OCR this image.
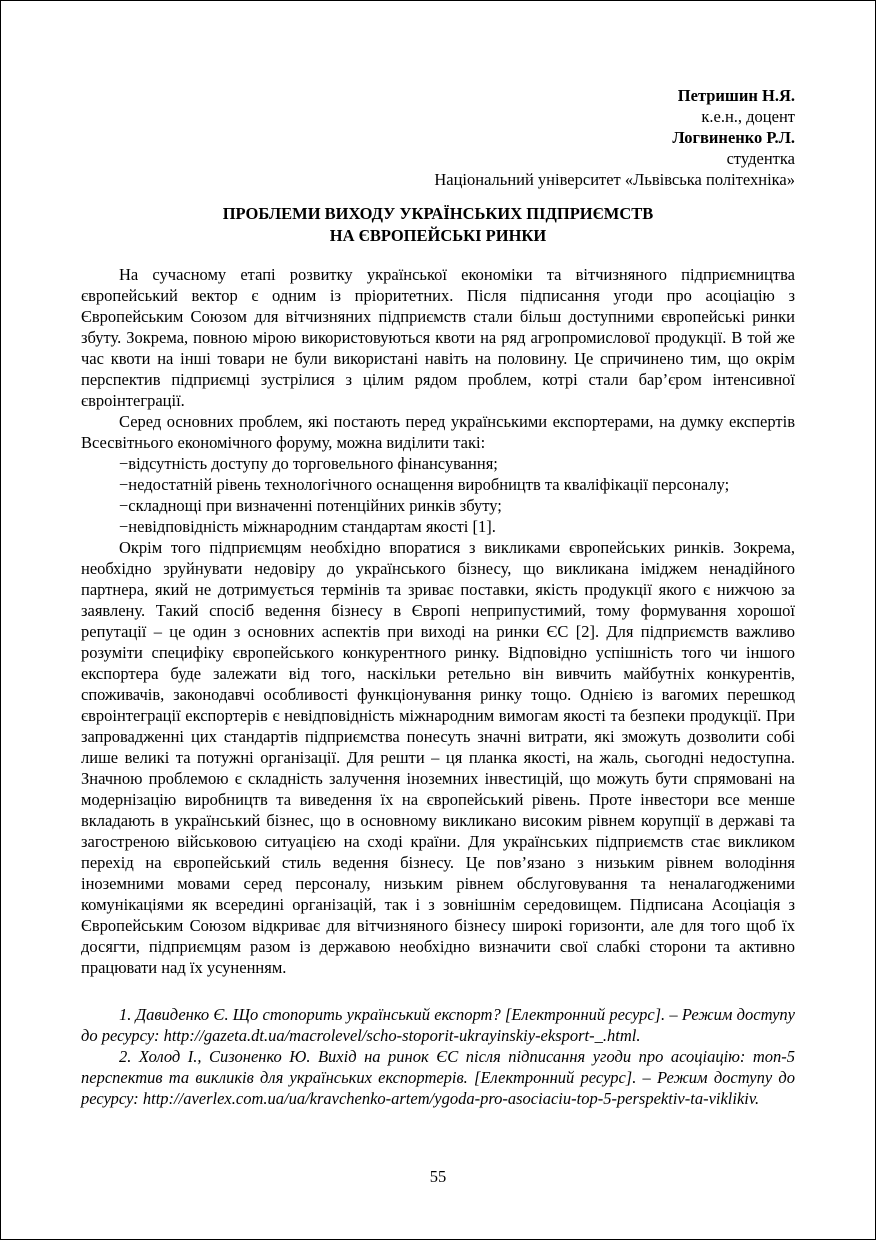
Петришин Н.Я.
к.е.н., доцент
Логвиненко Р.Л.
студентка
Національний університет «Львівська політехніка»
ПРОБЛЕМИ ВИХОДУ УКРАЇНСЬКИХ ПІДПРИЄМСТВ
НА ЄВРОПЕЙСЬКІ РИНКИ

На сучасному етапі розвитку української економіки та вітчизняного підприємництва європейський вектор є одним із пріоритетних. Після підписання угоди про асоціацію з Європейським Союзом для вітчизняних підприємств стали більш доступними європейські ринки збуту. Зокрема, повною мірою використовуються квоти на ряд агропромислової продукції. В той же час квоти на інші товари не були використані навіть на половину. Це спричинено тим, що окрім перспектив підприємці зустрілися з цілим рядом проблем, котрі стали бар’єром інтенсивної євроінтеграції.

Серед основних проблем, які постають перед українськими експортерами, на думку експертів Всесвітнього економічного форуму, можна виділити такі:

−відсутність доступу до торговельного фінансування;

−недостатній рівень технологічного оснащення виробництв та кваліфікації персоналу;

−складнощі при визначенні потенційних ринків збуту;

−невідповідність міжнародним стандартам якості [1].

Окрім того підприємцям необхідно впоратися з викликами європейських ринків. Зокрема, необхідно зруйнувати недовіру до українського бізнесу, що викликана іміджем ненадійного партнера, який не дотримується термінів та зриває поставки, якість продукції якого є нижчою за заявлену. Такий спосіб ведення бізнесу в Європі неприпустимий, тому формування хорошої репутації – це один з основних аспектів при виході на ринки ЄС [2]. Для підприємств важливо розуміти специфіку європейського конкурентного ринку. Відповідно успішність того чи іншого експортера буде залежати від того, наскільки ретельно він вивчить майбутніх конкурентів, споживачів, законодавчі особливості функціонування ринку тощо. Однією із вагомих перешкод євроінтеграції експортерів є невідповідність міжнародним вимогам якості та безпеки продукції. При запровадженні цих стандартів підприємства понесуть значні витрати, які зможуть дозволити собі лише великі та потужні організації. Для решти – ця планка якості, на жаль, сьогодні недоступна. Значною проблемою є складність залучення іноземних інвестицій, що можуть бути спрямовані на модернізацію виробництв та виведення їх на європейський рівень. Проте інвестори все менше вкладають в український бізнес, що в основному викликано високим рівнем корупції в державі та загостреною військовою ситуацією на сході країни. Для українських підприємств стає викликом перехід на європейський стиль ведення бізнесу. Це пов’язано з низьким рівнем володіння іноземними мовами серед персоналу, низьким рівнем обслуговування та неналагодженими комунікаціями як всередині організацій, так і з зовнішнім середовищем. Підписана Асоціація з Європейським Союзом відкриває для вітчизняного бізнесу широкі горизонти, але для того щоб їх досягти, підприємцям разом із державою необхідно визначити свої слабкі сторони та активно працювати над їх усуненням.

1. Давиденко Є. Що стопорить український експорт? [Електронний ресурс]. – Режим доступу до ресурсу: http://gazeta.dt.ua/macrolevel/scho-stoporit-ukrayinskiy-eksport-_.html.

2. Холод І., Сизоненко Ю. Вихід на ринок ЄС після підписання угоди про асоціацію: топ-5 перспектив та викликів для українських експортерів. [Електронний ресурс]. – Режим доступу до ресурсу: http://averlex.com.ua/ua/kravchenko-artem/ygoda-pro-asociaciu-top-5-perspektiv-ta-viklikiv.

55
